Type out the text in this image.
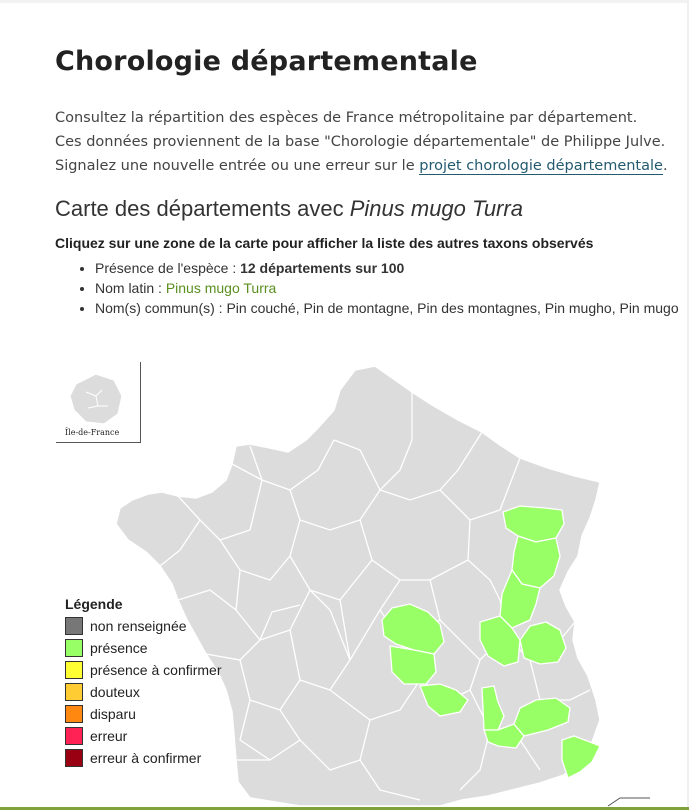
Chorologie départementale

Consultez la répartition des espèces de France métropolitaine par département.

Ces données proviennent de la base "Chorologie départementale" de Philippe Julve.

Signalez une nouvelle entrée ou une erreur sur le projet chorologie départementale.

Carte des départements avec Pinus mugo Turra
Cliquez sur une zone de la carte pour afficher la liste des autres taxons observés
• Présence de l'espèce : 12 départements sur 100
• Nom latin : Pinus mugo Turra
• Nom(s) commun(s) : Pin couché, Pin de montagne, Pin des montagnes, Pin mugho, Pin mugo
Île-de-France
Légende
non renseignée
présence
présence à confirmer
douteux
disparu
erreur
erreur à confirmer
